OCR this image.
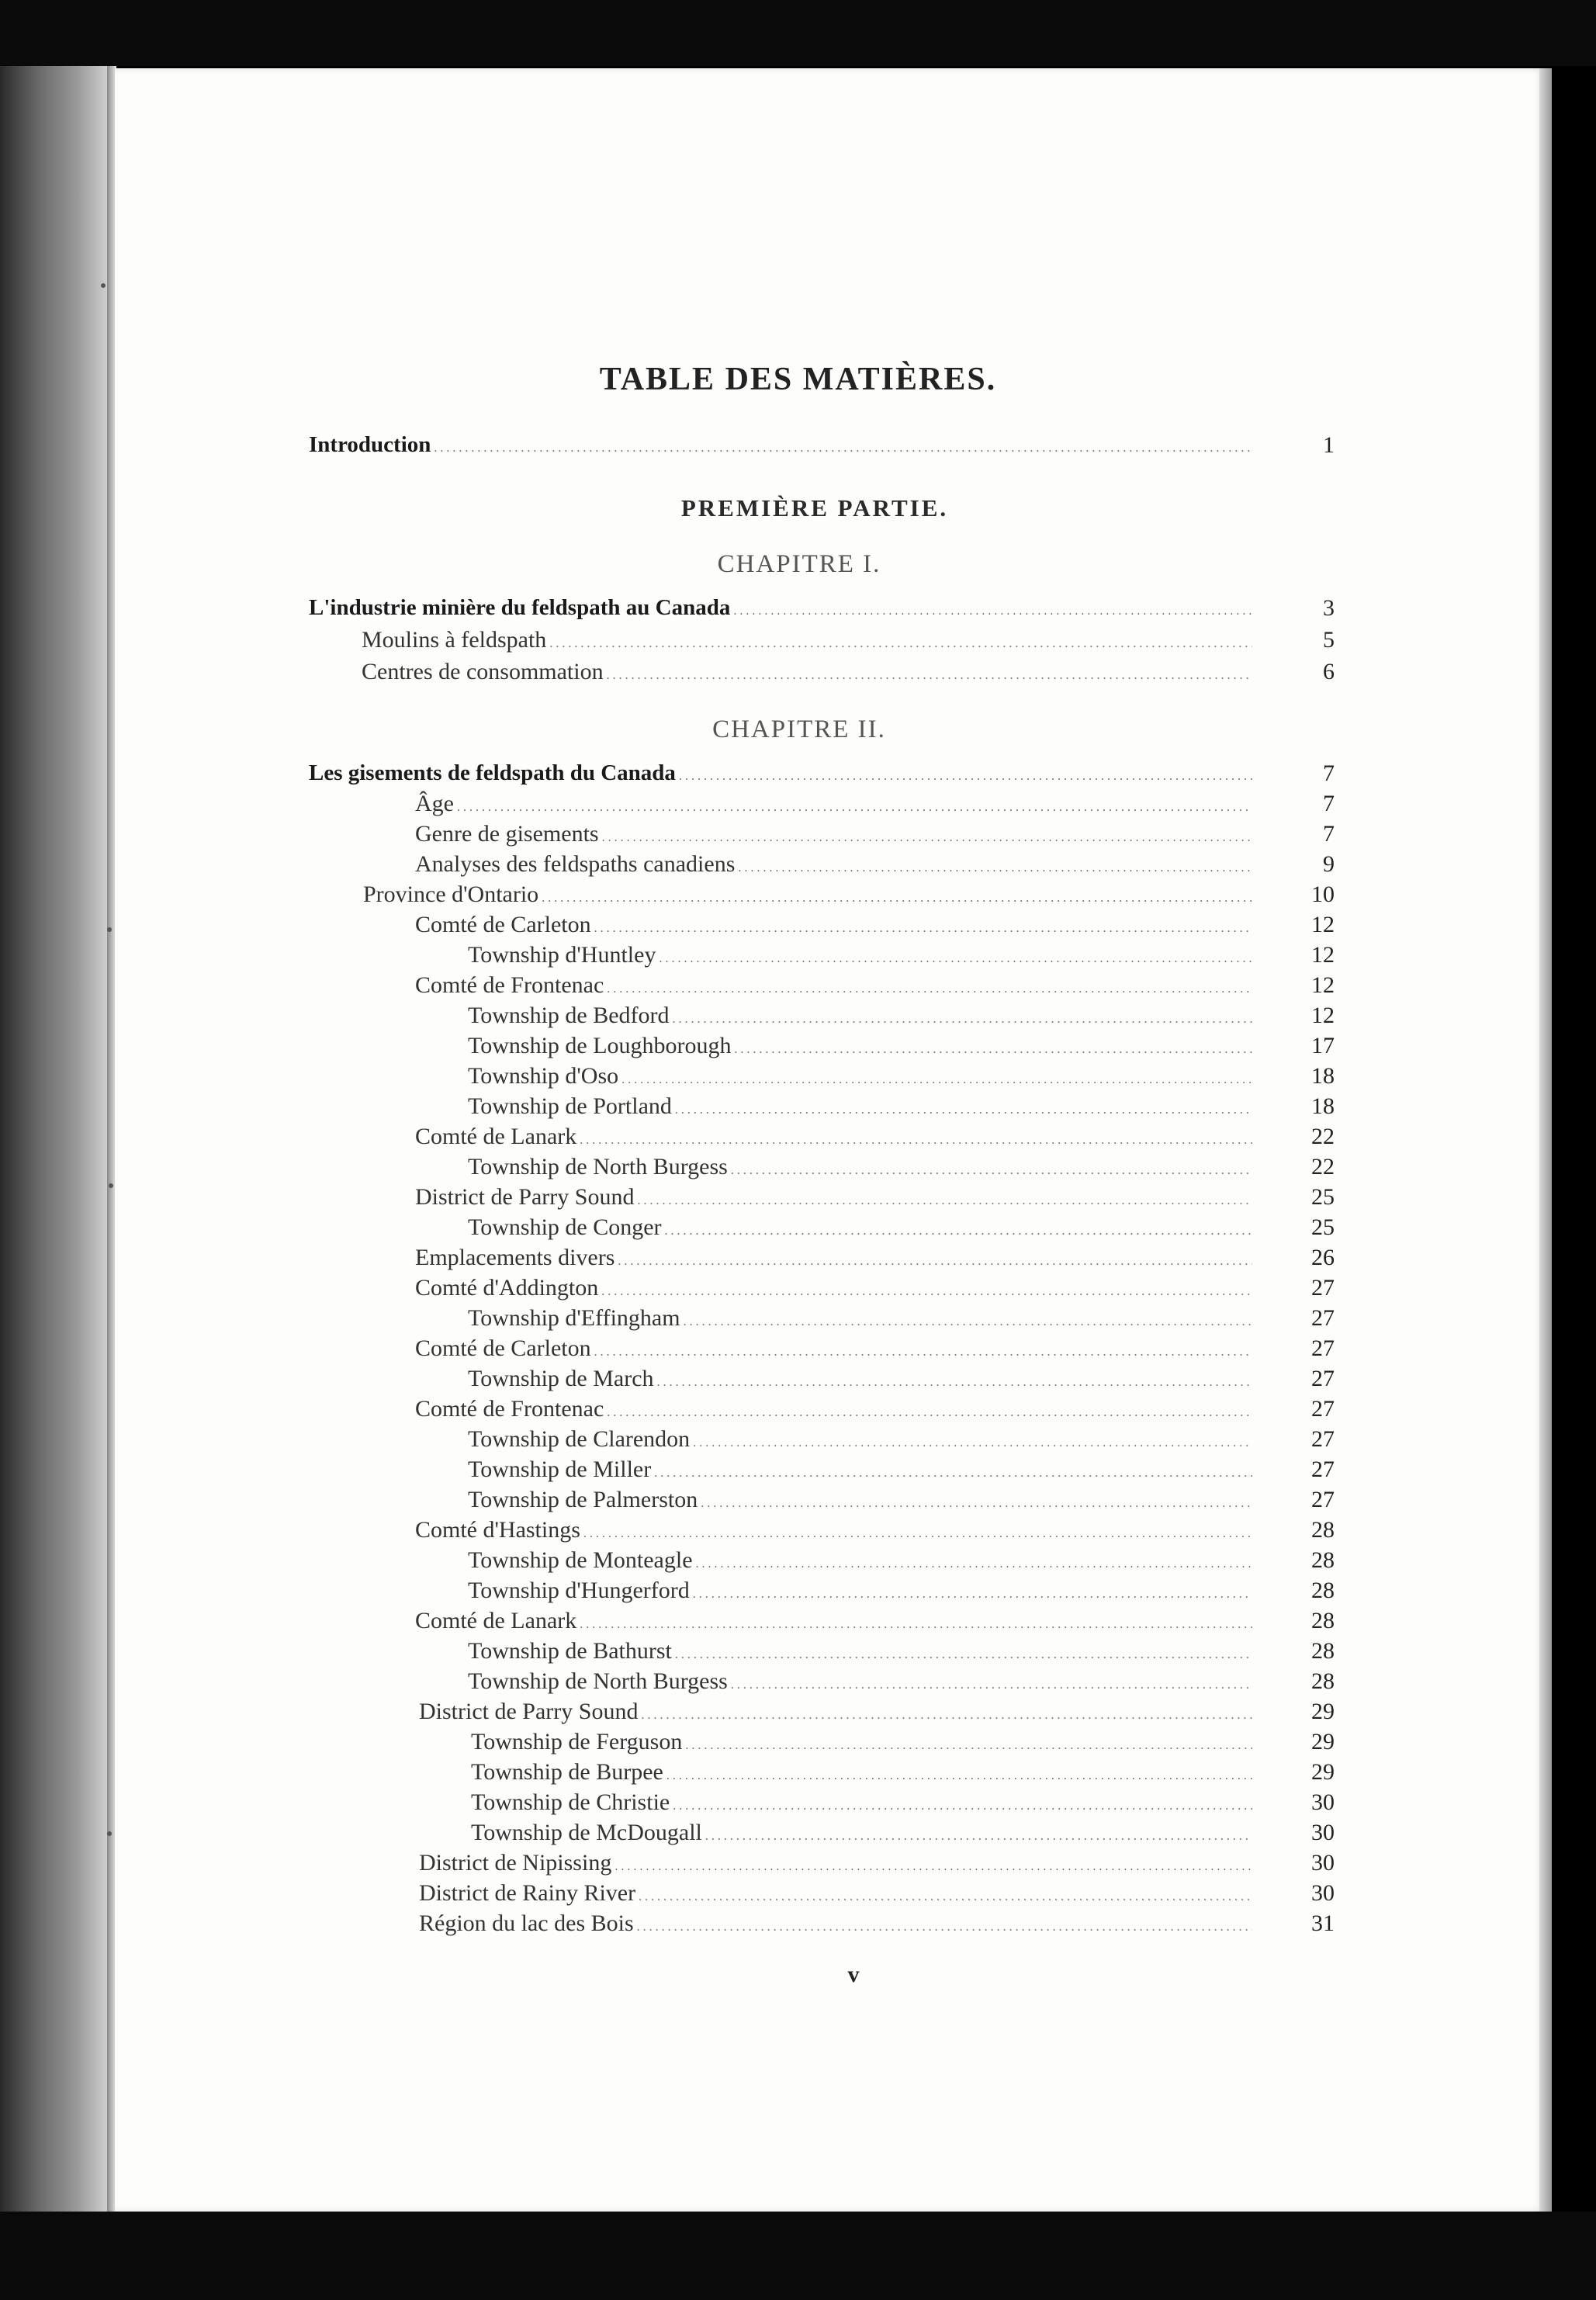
TABLE DES MATIÈRES.
Introduction . . .	1
PREMIÈRE PARTIE.
CHAPITRE I.
L'industrie minière du feldspath au Canada . . .	3
Moulins à feldspath . . .	5
Centres de consommation . . .	6
CHAPITRE II.
Les gisements de feldspath du Canada . . .	7
Âge . . .	7
Genre de gisements . . .	7
Analyses des feldspaths canadiens . . .	9
Province d'Ontario . . .	10
Comté de Carleton . . .	12
Township d'Huntley . . .	12
Comté de Frontenac . . .	12
Township de Bedford . . .	12
Township de Loughborough . . .	17
Township d'Oso . . .	18
Township de Portland . . .	18
Comté de Lanark . . .	22
Township de North Burgess . . .	22
District de Parry Sound . . .	25
Township de Conger . . .	25
Emplacements divers . . .	26
Comté d'Addington . . .	27
Township d'Effingham . . .	27
Comté de Carleton . . .	27
Township de March . . .	27
Comté de Frontenac . . .	27
Township de Clarendon . . .	27
Township de Miller . . .	27
Township de Palmerston . . .	27
Comté d'Hastings . . .	28
Township de Monteagle . . .	28
Township d'Hungerford . . .	28
Comté de Lanark . . .	28
Township de Bathurst . . .	28
Township de North Burgess . . .	28
District de Parry Sound . . .	29
Township de Ferguson . . .	29
Township de Burpee . . .	29
Township de Christie . . .	30
Township de McDougall . . .	30
District de Nipissing . . .	30
District de Rainy River . . .	30
Région du lac des Bois . . .	31
v
